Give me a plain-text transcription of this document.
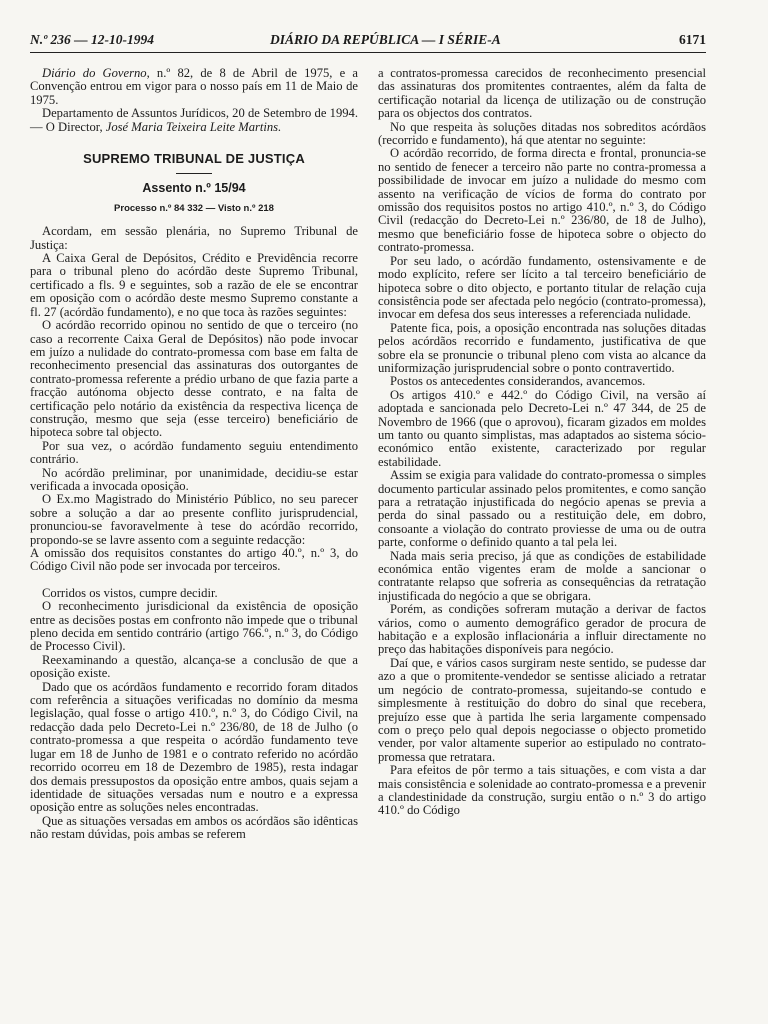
N.º 236 — 12-10-1994	DIÁRIO DA REPÚBLICA — I SÉRIE-A	6171

Diário do Governo, n.º 82, de 8 de Abril de 1975, e a Convenção entrou em vigor para o nosso país em 11 de Maio de 1975.

Departamento de Assuntos Jurídicos, 20 de Setembro de 1994. — O Director, José Maria Teixeira Leite Martins.

SUPREMO TRIBUNAL DE JUSTIÇA

Assento n.º 15/94

Processo n.º 84 332 — Visto n.º 218

Acordam, em sessão plenária, no Supremo Tribunal de Justiça:

A Caixa Geral de Depósitos, Crédito e Previdência recorre para o tribunal pleno do acórdão deste Supremo Tribunal, certificado a fls. 9 e seguintes, sob a razão de ele se encontrar em oposição com o acórdão deste mesmo Supremo constante a fl. 27 (acórdão fundamento), e no que toca às razões seguintes:

O acórdão recorrido opinou no sentido de que o terceiro (no caso a recorrente Caixa Geral de Depósitos) não pode invocar em juízo a nulidade do contrato-promessa com base em falta de reconhecimento presencial das assinaturas dos outorgantes de contrato-promessa referente a prédio urbano de que fazia parte a fracção autónoma objecto desse contrato, e na falta de certificação pelo notário da existência da respectiva licença de construção, mesmo que seja (esse terceiro) beneficiário de hipoteca sobre tal objecto.

Por sua vez, o acórdão fundamento seguiu entendimento contrário.

No acórdão preliminar, por unanimidade, decidiu-se estar verificada a invocada oposição.

O Ex.mo Magistrado do Ministério Público, no seu parecer sobre a solução a dar ao presente conflito jurisprudencial, pronunciou-se favoravelmente à tese do acórdão recorrido, propondo-se se lavre assento com a seguinte redacção:

A omissão dos requisitos constantes do artigo 40.º, n.º 3, do Código Civil não pode ser invocada por terceiros.

Corridos os vistos, cumpre decidir.

O reconhecimento jurisdicional da existência de oposição entre as decisões postas em confronto não impede que o tribunal pleno decida em sentido contrário (artigo 766.º, n.º 3, do Código de Processo Civil).

Reexaminando a questão, alcança-se a conclusão de que a oposição existe.

Dado que os acórdãos fundamento e recorrido foram ditados com referência a situações verificadas no domínio da mesma legislação, qual fosse o artigo 410.º, n.º 3, do Código Civil, na redacção dada pelo Decreto-Lei n.º 236/80, de 18 de Julho (o contrato-promessa a que respeita o acórdão fundamento teve lugar em 18 de Junho de 1981 e o contrato referido no acórdão recorrido ocorreu em 18 de Dezembro de 1985), resta indagar dos demais pressupostos da oposição entre ambos, quais sejam a identidade de situações versadas num e noutro e a expressa oposição entre as soluções neles encontradas.

Que as situações versadas em ambos os acórdãos são idênticas não restam dúvidas, pois ambas se referem

a contratos-promessa carecidos de reconhecimento presencial das assinaturas dos promitentes contraentes, além da falta de certificação notarial da licença de utilização ou de construção para os objectos dos contratos.

No que respeita às soluções ditadas nos sobreditos acórdãos (recorrido e fundamento), há que atentar no seguinte:

O acórdão recorrido, de forma directa e frontal, pronuncia-se no sentido de fenecer a terceiro não parte no contra-promessa a possibilidade de invocar em juízo a nulidade do mesmo com assento na verificação de vícios de forma do contrato por omissão dos requisitos postos no artigo 410.º, n.º 3, do Código Civil (redacção do Decreto-Lei n.º 236/80, de 18 de Julho), mesmo que beneficiário fosse de hipoteca sobre o objecto do contrato-promessa.

Por seu lado, o acórdão fundamento, ostensivamente e de modo explícito, refere ser lícito a tal terceiro beneficiário de hipoteca sobre o dito objecto, e portanto titular de relação cuja consistência pode ser afectada pelo negócio (contrato-promessa), invocar em defesa dos seus interesses a referenciada nulidade.

Patente fica, pois, a oposição encontrada nas soluções ditadas pelos acórdãos recorrido e fundamento, justificativa de que sobre ela se pronuncie o tribunal pleno com vista ao alcance da uniformização jurisprudencial sobre o ponto contravertido.

Postos os antecedentes considerandos, avancemos.

Os artigos 410.º e 442.º do Código Civil, na versão aí adoptada e sancionada pelo Decreto-Lei n.º 47 344, de 25 de Novembro de 1966 (que o aprovou), ficaram gizados em moldes um tanto ou quanto simplistas, mas adaptados ao sistema sócio-económico então existente, caracterizado por regular estabilidade.

Assim se exigia para validade do contrato-promessa o simples documento particular assinado pelos promitentes, e como sanção para a retratação injustificada do negócio apenas se previa a perda do sinal passado ou a restituição dele, em dobro, consoante a violação do contrato proviesse de uma ou de outra parte, conforme o definido quanto a tal pela lei.

Nada mais seria preciso, já que as condições de estabilidade económica então vigentes eram de molde a sancionar o contratante relapso que sofreria as consequências da retratação injustificada do negócio a que se obrigara.

Porém, as condições sofreram mutação a derivar de factos vários, como o aumento demográfico gerador de procura de habitação e a explosão inflacionária a influir directamente no preço das habitações disponíveis para negócio.

Daí que, e vários casos surgiram neste sentido, se pudesse dar azo a que o promitente-vendedor se sentisse aliciado a retratar um negócio de contrato-promessa, sujeitando-se contudo e simplesmente à restituição do dobro do sinal que recebera, prejuízo esse que à partida lhe seria largamente compensado com o preço pelo qual depois negociasse o objecto prometido vender, por valor altamente superior ao estipulado no contrato-promessa que retratara.

Para efeitos de pôr termo a tais situações, e com vista a dar mais consistência e solenidade ao contrato-promessa e a prevenir a clandestinidade da construção, surgiu então o n.º 3 do artigo 410.º do Código
